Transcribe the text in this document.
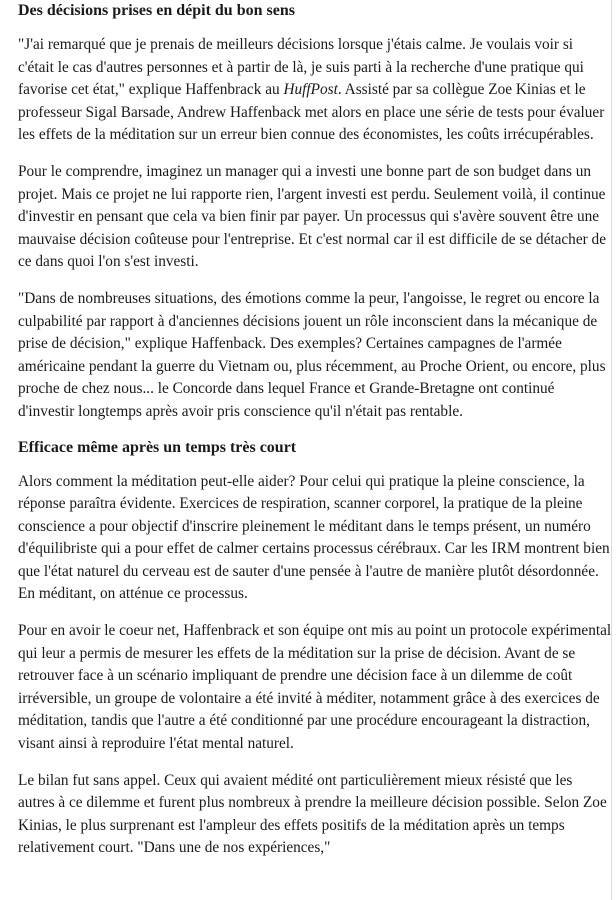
Des décisions prises en dépit du bon sens

"J'ai remarqué que je prenais de meilleurs décisions lorsque j'étais calme. Je voulais voir si c'était le cas d'autres personnes et à partir de là, je suis parti à la recherche d'une pratique qui favorise cet état," explique Haffenbrack au HuffPost. Assisté par sa collègue Zoe Kinias et le professeur Sigal Barsade, Andrew Haffenback met alors en place une série de tests pour évaluer les effets de la méditation sur un erreur bien connue des économistes, les coûts irrécupérables.

Pour le comprendre, imaginez un manager qui a investi une bonne part de son budget dans un projet. Mais ce projet ne lui rapporte rien, l'argent investi est perdu. Seulement voilà, il continue d'investir en pensant que cela va bien finir par payer. Un processus qui s'avère souvent être une mauvaise décision coûteuse pour l'entreprise. Et c'est normal car il est difficile de se détacher de ce dans quoi l'on s'est investi.

"Dans de nombreuses situations, des émotions comme la peur, l'angoisse, le regret ou encore la culpabilité par rapport à d'anciennes décisions jouent un rôle inconscient dans la mécanique de prise de décision," explique Haffenback. Des exemples? Certaines campagnes de l'armée américaine pendant la guerre du Vietnam ou, plus récemment, au Proche Orient, ou encore, plus proche de chez nous... le Concorde dans lequel France et Grande-Bretagne ont continué d'investir longtemps après avoir pris conscience qu'il n'était pas rentable.

Efficace même après un temps très court

Alors comment la méditation peut-elle aider? Pour celui qui pratique la pleine conscience, la réponse paraîtra évidente. Exercices de respiration, scanner corporel, la pratique de la pleine conscience a pour objectif d'inscrire pleinement le méditant dans le temps présent, un numéro d'équilibriste qui a pour effet de calmer certains processus cérébraux. Car les IRM montrent bien que l'état naturel du cerveau est de sauter d'une pensée à l'autre de manière plutôt désordonnée. En méditant, on atténue ce processus.

Pour en avoir le coeur net, Haffenbrack et son équipe ont mis au point un protocole expérimental qui leur a permis de mesurer les effets de la méditation sur la prise de décision. Avant de se retrouver face à un scénario impliquant de prendre une décision face à un dilemme de coût irréversible, un groupe de volontaire a été invité à méditer, notamment grâce à des exercices de méditation, tandis que l'autre a été conditionné par une procédure encourageant la distraction, visant ainsi à reproduire l'état mental naturel.

Le bilan fut sans appel. Ceux qui avaient médité ont particulièrement mieux résisté que les autres à ce dilemme et furent plus nombreux à prendre la meilleure décision possible. Selon Zoe Kinias, le plus surprenant est l'ampleur des effets positifs de la méditation après un temps relativement court. "Dans une de nos expériences,"
